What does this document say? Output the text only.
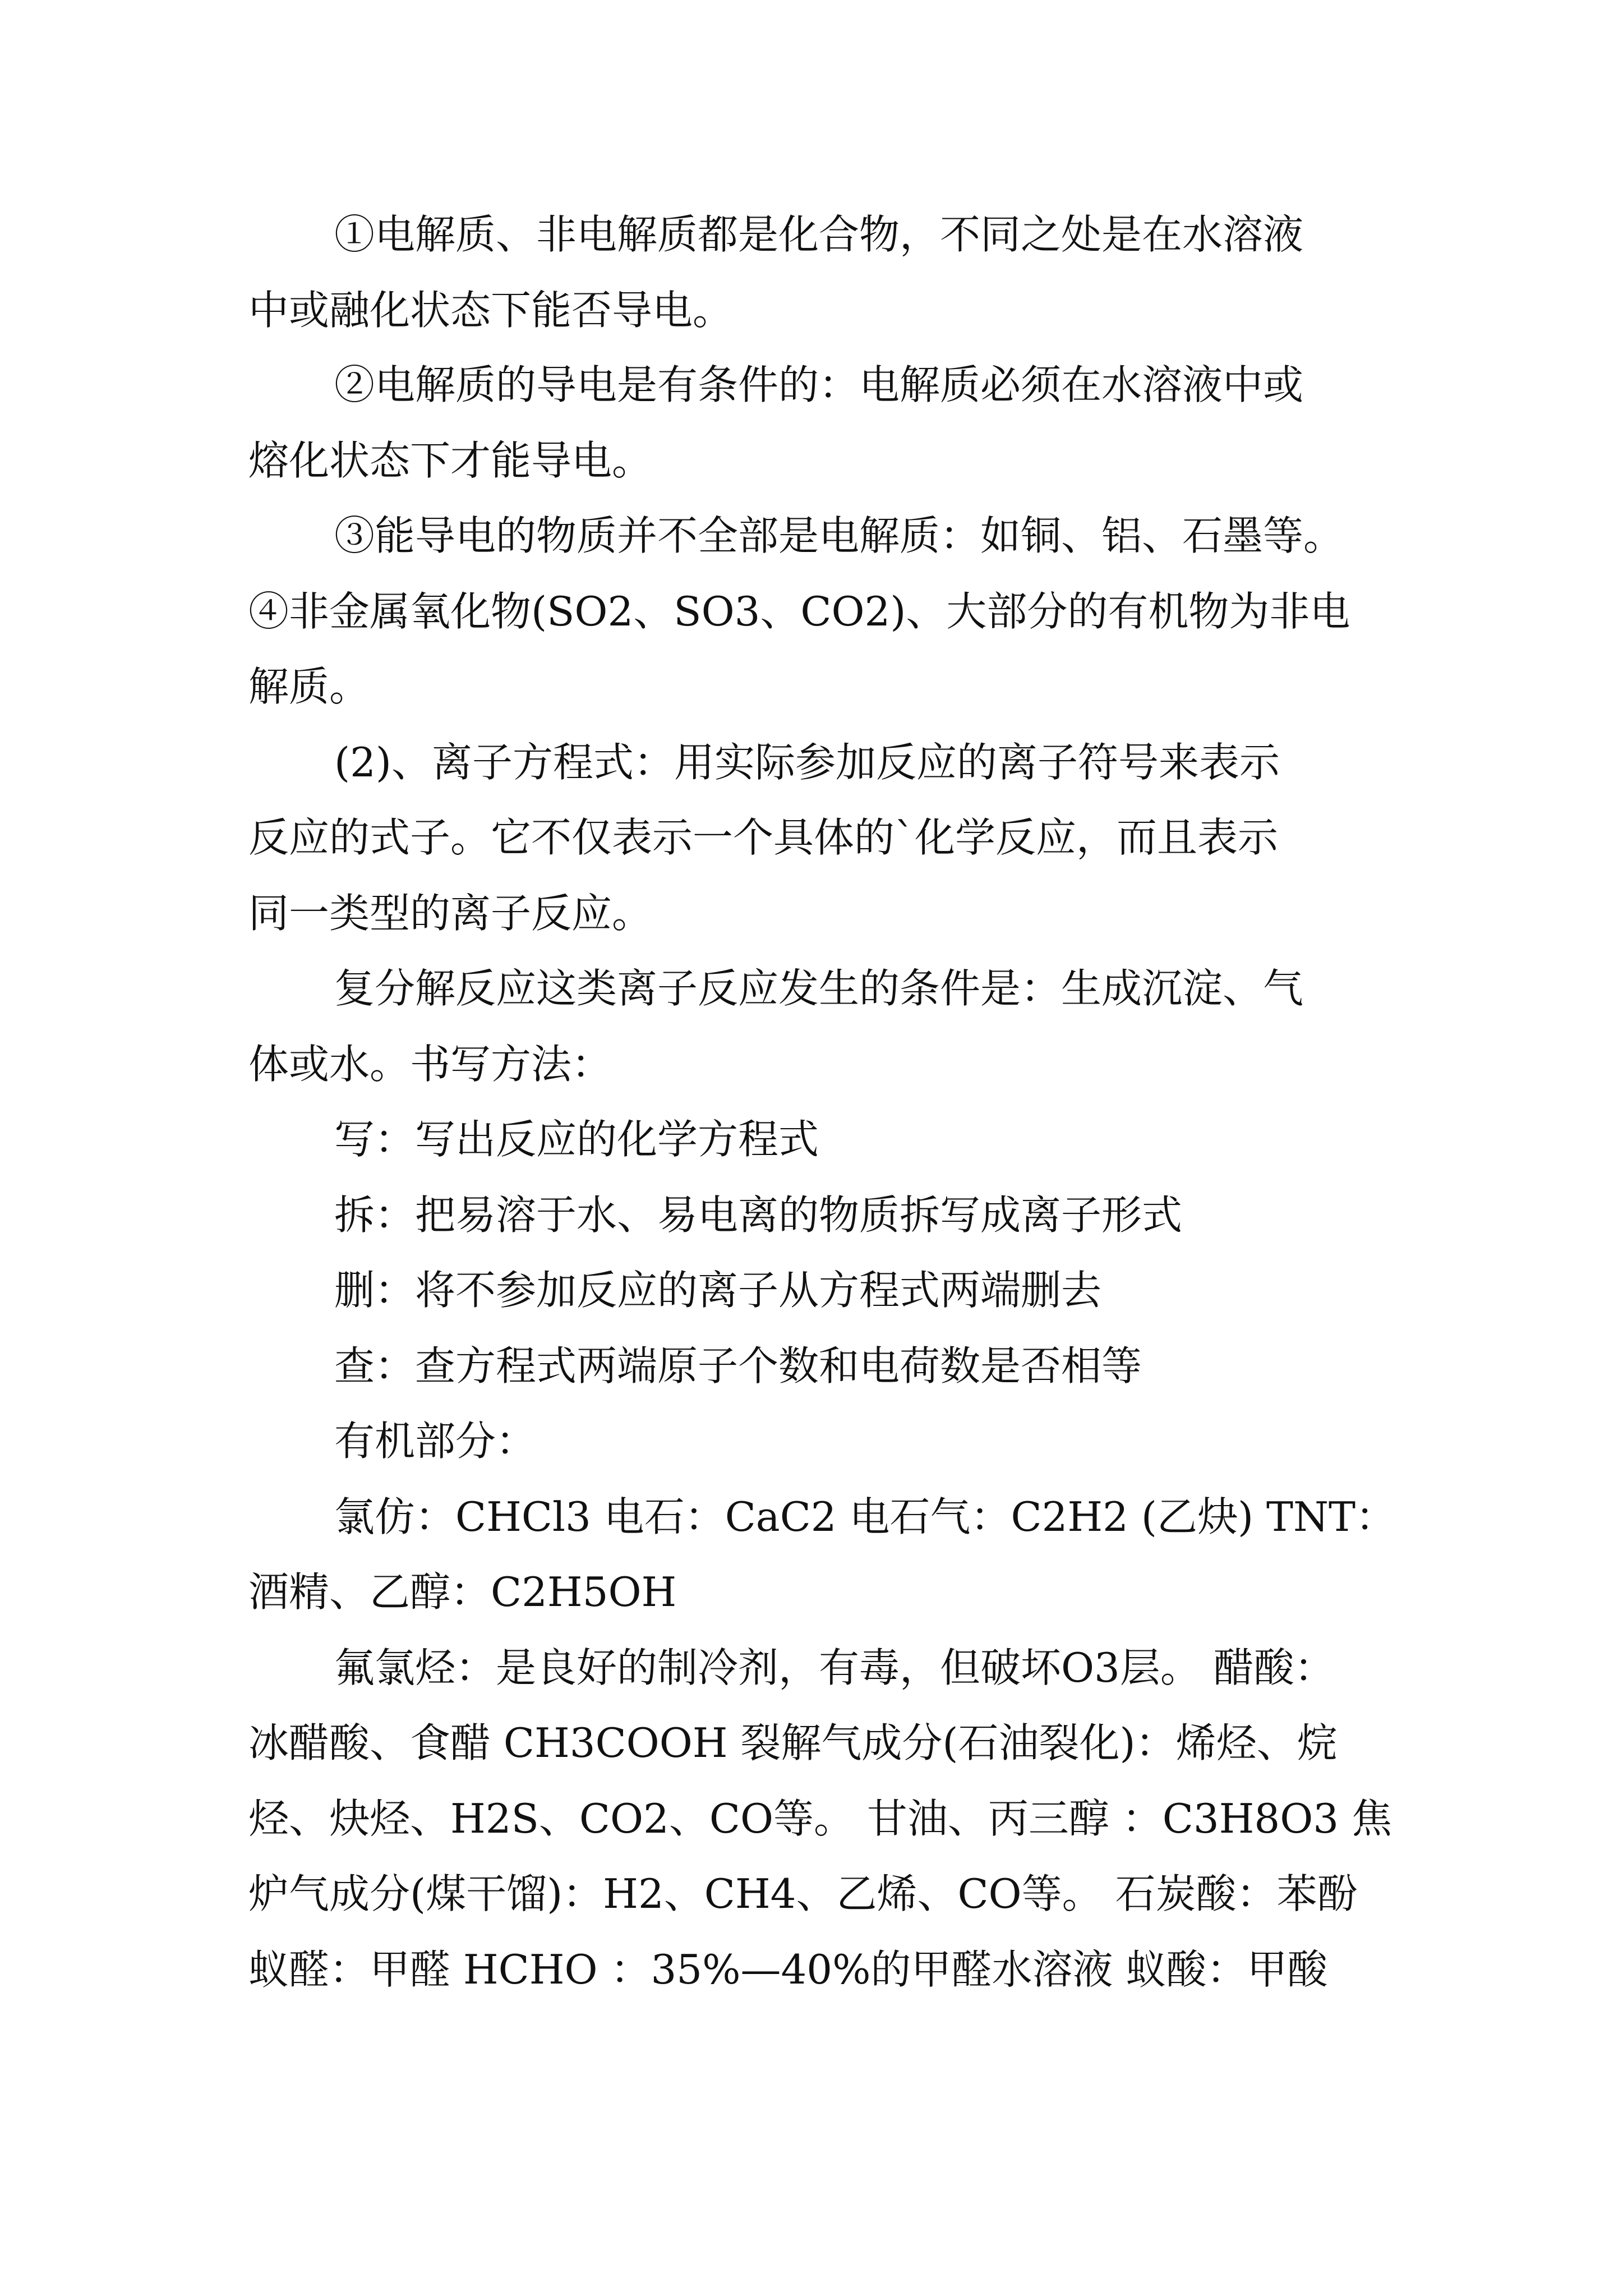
①电解质、非电解质都是化合物，不同之处是在水溶液
中或融化状态下能否导电。
②电解质的导电是有条件的：电解质必须在水溶液中或
熔化状态下才能导电。
③能导电的物质并不全部是电解质：如铜、铝、石墨等。
④非金属氧化物(SO2、SO3、CO2)、大部分的有机物为非电
解质。
(2)、离子方程式：用实际参加反应的离子符号来表示
反应的式子。它不仅表示一个具体的`化学反应，而且表示
同一类型的离子反应。
复分解反应这类离子反应发生的条件是：生成沉淀、气
体或水。书写方法：
写：写出反应的化学方程式
拆：把易溶于水、易电离的物质拆写成离子形式
删：将不参加反应的离子从方程式两端删去
查：查方程式两端原子个数和电荷数是否相等
有机部分：
氯仿：CHCl3 电石：CaC2 电石气：C2H2 (乙炔) TNT：
酒精、乙醇：C2H5OH
氟氯烃：是良好的制冷剂，有毒，但破坏O3层。 醋酸：
冰醋酸、食醋 CH3COOH 裂解气成分(石油裂化)：烯烃、烷
烃、炔烃、H2S、CO2、CO等。 甘油、丙三醇 ：C3H8O3 焦
炉气成分(煤干馏)：H2、CH4、乙烯、CO等。 石炭酸：苯酚
蚁醛：甲醛 HCHO ：35%—40%的甲醛水溶液 蚁酸：甲酸
